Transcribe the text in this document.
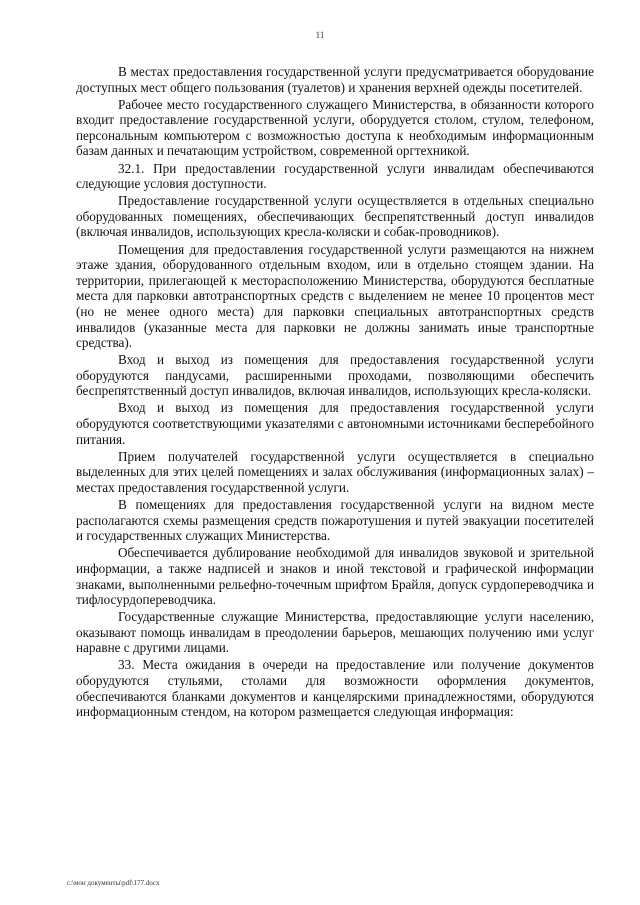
11

В местах предоставления государственной услуги предусматривается оборудование доступных мест общего пользования (туалетов) и хранения верхней одежды посетителей.

Рабочее место государственного служащего Министерства, в обязанности которого входит предоставление государственной услуги, оборудуется столом, стулом, телефоном, персональным компьютером с возможностью доступа к необходимым информационным базам данных и печатающим устройством, современной оргтехникой.

32.1. При предоставлении государственной услуги инвалидам обеспечиваются следующие условия доступности.

Предоставление государственной услуги осуществляется в отдельных специально оборудованных помещениях, обеспечивающих беспрепятственный доступ инвалидов (включая инвалидов, использующих кресла-коляски и собак-проводников).

Помещения для предоставления государственной услуги размещаются на нижнем этаже здания, оборудованного отдельным входом, или в отдельно стоящем здании. На территории, прилегающей к месторасположению Министерства, оборудуются бесплатные места для парковки автотранспортных средств с выделением не менее 10 процентов мест (но не менее одного места) для парковки специальных автотранспортных средств инвалидов (указанные места для парковки не должны занимать иные транспортные средства).

Вход и выход из помещения для предоставления государственной услуги оборудуются пандусами, расширенными проходами, позволяющими обеспечить беспрепятственный доступ инвалидов, включая инвалидов, использующих кресла-коляски.

Вход и выход из помещения для предоставления государственной услуги оборудуются соответствующими указателями с автономными источниками бесперебойного питания.

Прием получателей государственной услуги осуществляется в специально выделенных для этих целей помещениях и залах обслуживания (информационных залах) – местах предоставления государственной услуги.

В помещениях для предоставления государственной услуги на видном месте располагаются схемы размещения средств пожаротушения и путей эвакуации посетителей и государственных служащих Министерства.

Обеспечивается дублирование необходимой для инвалидов звуковой и зрительной информации, а также надписей и знаков и иной текстовой и графической информации знаками, выполненными рельефно-точечным шрифтом Брайля, допуск сурдопереводчика и тифлосурдопереводчика.

Государственные служащие Министерства, предоставляющие услуги населению, оказывают помощь инвалидам в преодолении барьеров, мешающих получению ими услуг наравне с другими лицами.

33. Места ожидания в очереди на предоставление или получение документов оборудуются стульями, столами для возможности оформления документов, обеспечиваются бланками документов и канцелярскими принадлежностями, оборудуются информационным стендом, на котором размещается следующая информация:

c:\мои документы\pdf\177.docx
